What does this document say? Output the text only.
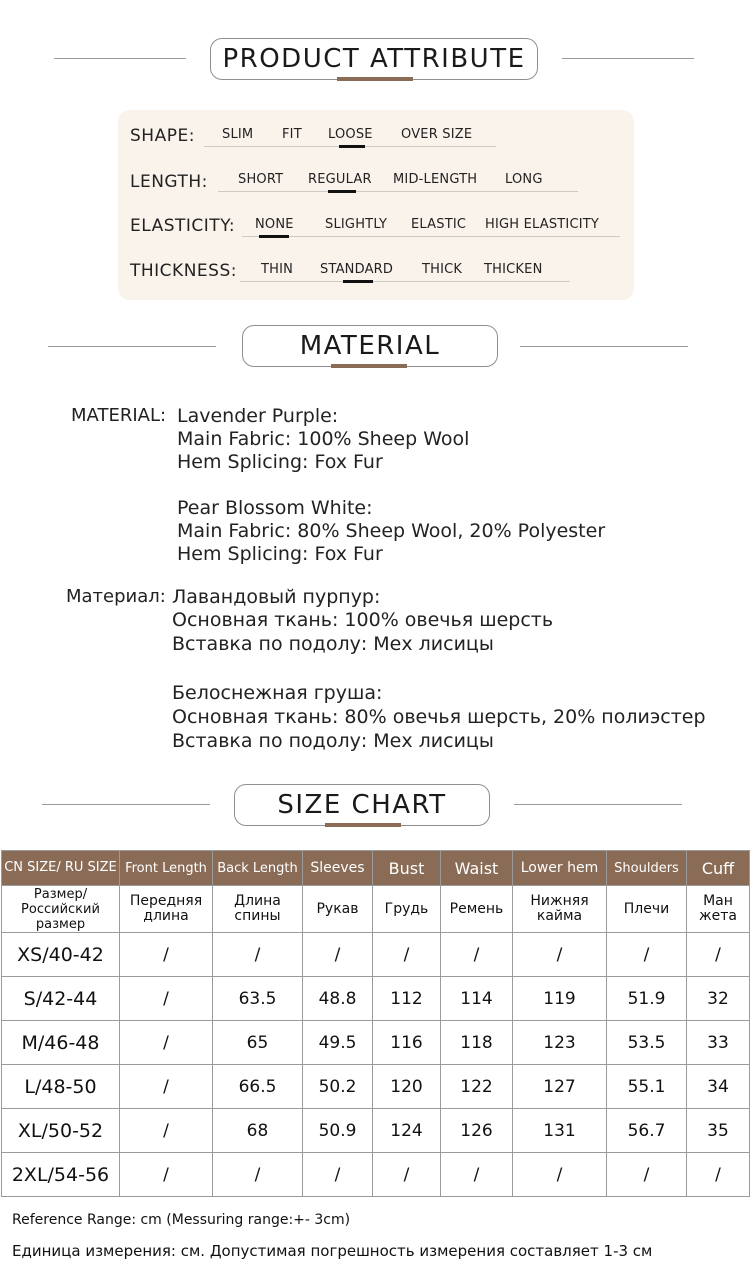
PRODUCT ATTRIBUTE
SHAPE: SLIM FIT LOOSE OVER SIZE
LENGTH: SHORT REGULAR MID-LENGTH LONG
ELASTICITY: NONE SLIGHTLY ELASTIC HIGH ELASTICITY
THICKNESS: THIN STANDARD THICK THICKEN
MATERIAL
MATERIAL: Lavender Purple:
Main Fabric: 100% Sheep Wool
Hem Splicing: Fox Fur
Pear Blossom White:
Main Fabric: 80% Sheep Wool, 20% Polyester
Hem Splicing: Fox Fur
Материал: Лавандовый пурпур:
Основная ткань: 100% овечья шерсть
Вставка по подолу: Мех лисицы
Белоснежная груша:
Основная ткань: 80% овечья шерсть, 20% полиэстер
Вставка по подолу: Мех лисицы
SIZE CHART
CN SIZE/ RU SIZE	Front Length	Back Length	Sleeves	Bust	Waist	Lower hem	Shoulders	Cuff
Размер/ Российский размер	Передняя длина	Длина спины	Рукав	Грудь	Ремень	Нижняя кайма	Плечи	Ман жета
XS/40-42	/	/	/	/	/	/	/	/
S/42-44	/	63.5	48.8	112	114	119	51.9	32
M/46-48	/	65	49.5	116	118	123	53.5	33
L/48-50	/	66.5	50.2	120	122	127	55.1	34
XL/50-52	/	68	50.9	124	126	131	56.7	35
2XL/54-56	/	/	/	/	/	/	/	/
Reference Range: cm (Messuring range:+- 3cm)
Единица измерения: см. Допустимая погрешность измерения составляет 1-3 см
